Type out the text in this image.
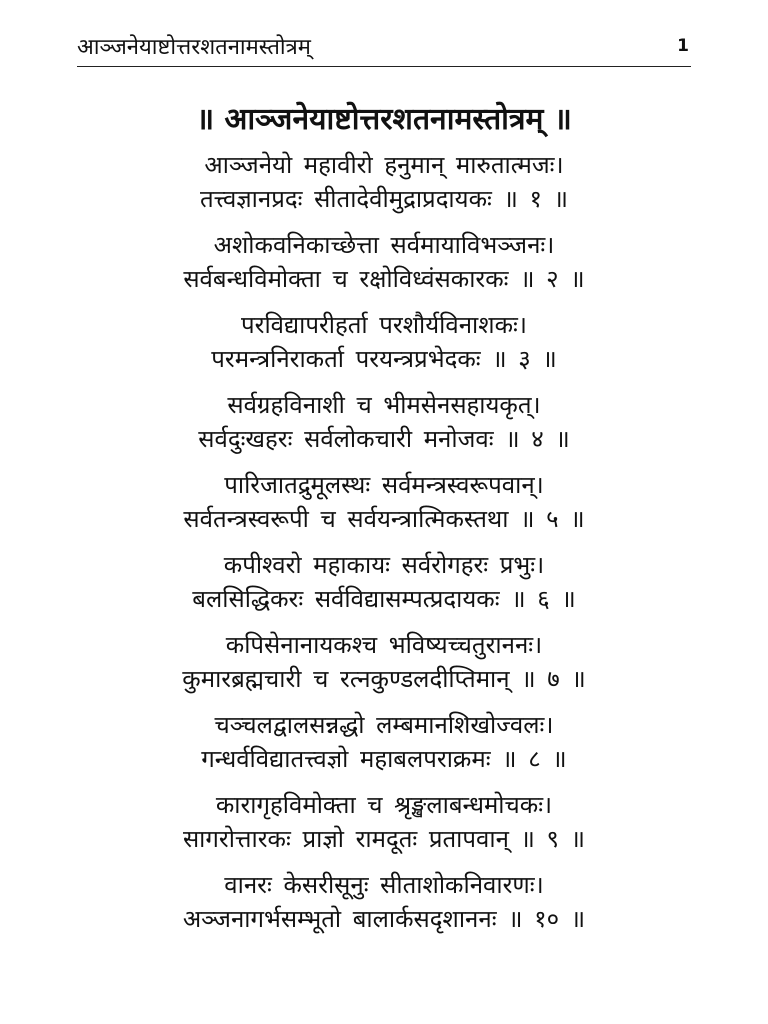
आञ्जनेयाष्टोत्तरशतनामस्तोत्रम्	1
॥ आञ्जनेयाष्टोत्तरशतनामस्तोत्रम् ॥
आञ्जनेयो महावीरो हनुमान् मारुतात्मजः।
तत्त्वज्ञानप्रदः सीतादेवीमुद्राप्रदायकः ॥ १ ॥
अशोकवनिकाच्छेत्ता सर्वमायाविभञ्जनः।
सर्वबन्धविमोक्ता च रक्षोविध्वंसकारकः ॥ २ ॥
परविद्यापरीहर्ता परशौर्यविनाशकः।
परमन्त्रनिराकर्ता परयन्त्रप्रभेदकः ॥ ३ ॥
सर्वग्रहविनाशी च भीमसेनसहायकृत्।
सर्वदुःखहरः सर्वलोकचारी मनोजवः ॥ ४ ॥
पारिजातद्रुमूलस्थः सर्वमन्त्रस्वरूपवान्।
सर्वतन्त्रस्वरूपी च सर्वयन्त्रात्मिकस्तथा ॥ ५ ॥
कपीश्वरो महाकायः सर्वरोगहरः प्रभुः।
बलसिद्धिकरः सर्वविद्यासम्पत्प्रदायकः ॥ ६ ॥
कपिसेनानायकश्च भविष्यच्चतुराननः।
कुमारब्रह्मचारी च रत्नकुण्डलदीप्तिमान् ॥ ७ ॥
चञ्चलद्वालसन्नद्धो लम्बमानशिखोज्वलः।
गन्धर्वविद्यातत्त्वज्ञो महाबलपराक्रमः ॥ ८ ॥
कारागृहविमोक्ता च श्रृङ्खलाबन्धमोचकः।
सागरोत्तारकः प्राज्ञो रामदूतः प्रतापवान् ॥ ९ ॥
वानरः केसरीसूनुः सीताशोकनिवारणः।
अञ्जनागर्भसम्भूतो बालार्कसदृशाननः ॥ १० ॥
